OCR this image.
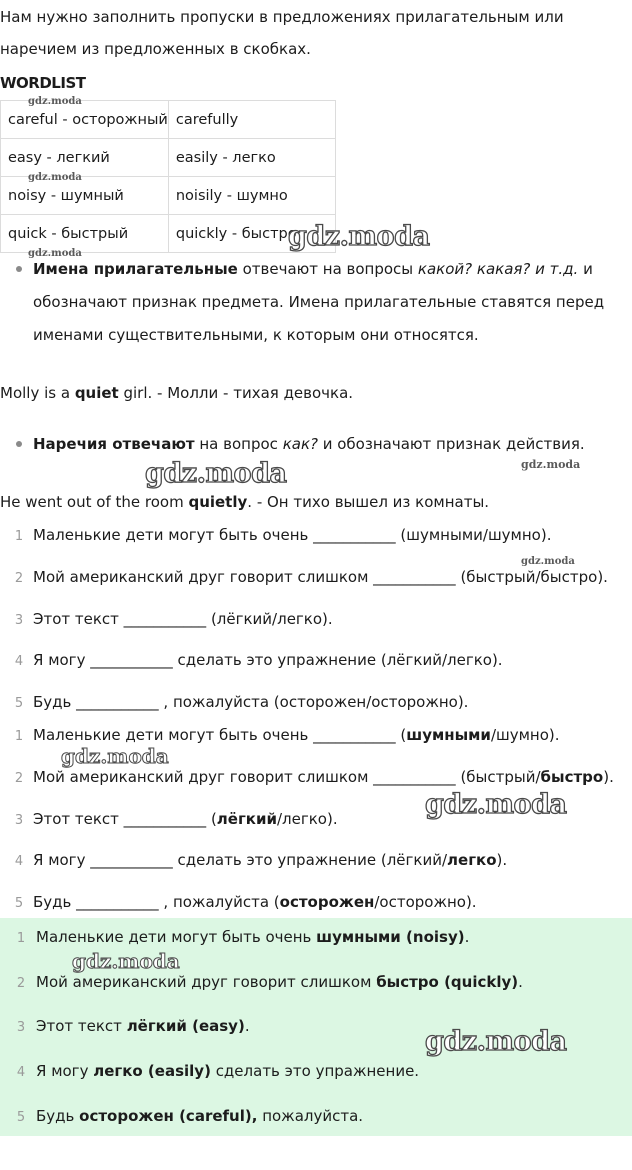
Нам нужно заполнить пропуски в предложениях прилагательным или
наречием из предложенных в скобках.
WORDLIST
careful - осторожный	carefully
easy - легкий	easily - легко
noisy - шумный	noisily - шумно
quick - быстрый	quickly - быстро
Имена прилагательные отвечают на вопросы какой? какая? и т.д. и
обозначают признак предмета. Имена прилагательные ставятся перед
именами существительными, к которым они относятся.
Molly is a quiet girl. - Молли - тихая девочка.
Наречия отвечают на вопрос как? и обозначают признак действия.
He went out of the room quietly. - Он тихо вышел из комнаты.
1 Маленькие дети могут быть очень ___________ (шумными/шумно).
2 Мой американский друг говорит слишком ___________ (быстрый/быстро).
3 Этот текст ___________ (лёгкий/легко).
4 Я могу ___________ сделать это упражнение (лёгкий/легко).
5 Будь ___________ , пожалуйста (осторожен/осторожно).
1 Маленькие дети могут быть очень ___________ (шумными/шумно).
2 Мой американский друг говорит слишком ___________ (быстрый/быстро).
3 Этот текст ___________ (лёгкий/легко).
4 Я могу ___________ сделать это упражнение (лёгкий/легко).
5 Будь ___________ , пожалуйста (осторожен/осторожно).
1 Маленькие дети могут быть очень шумными (noisy).
2 Мой американский друг говорит слишком быстро (quickly).
3 Этот текст лёгкий (easy).
4 Я могу легко (easily) сделать это упражнение.
5 Будь осторожен (careful), пожалуйста.
gdz.moda
gdz.moda
gdz.moda
gdz.moda
gdz.moda	gdz.moda
gdz.moda
gdz.moda
gdz.moda
gdz.moda
gdz.moda
